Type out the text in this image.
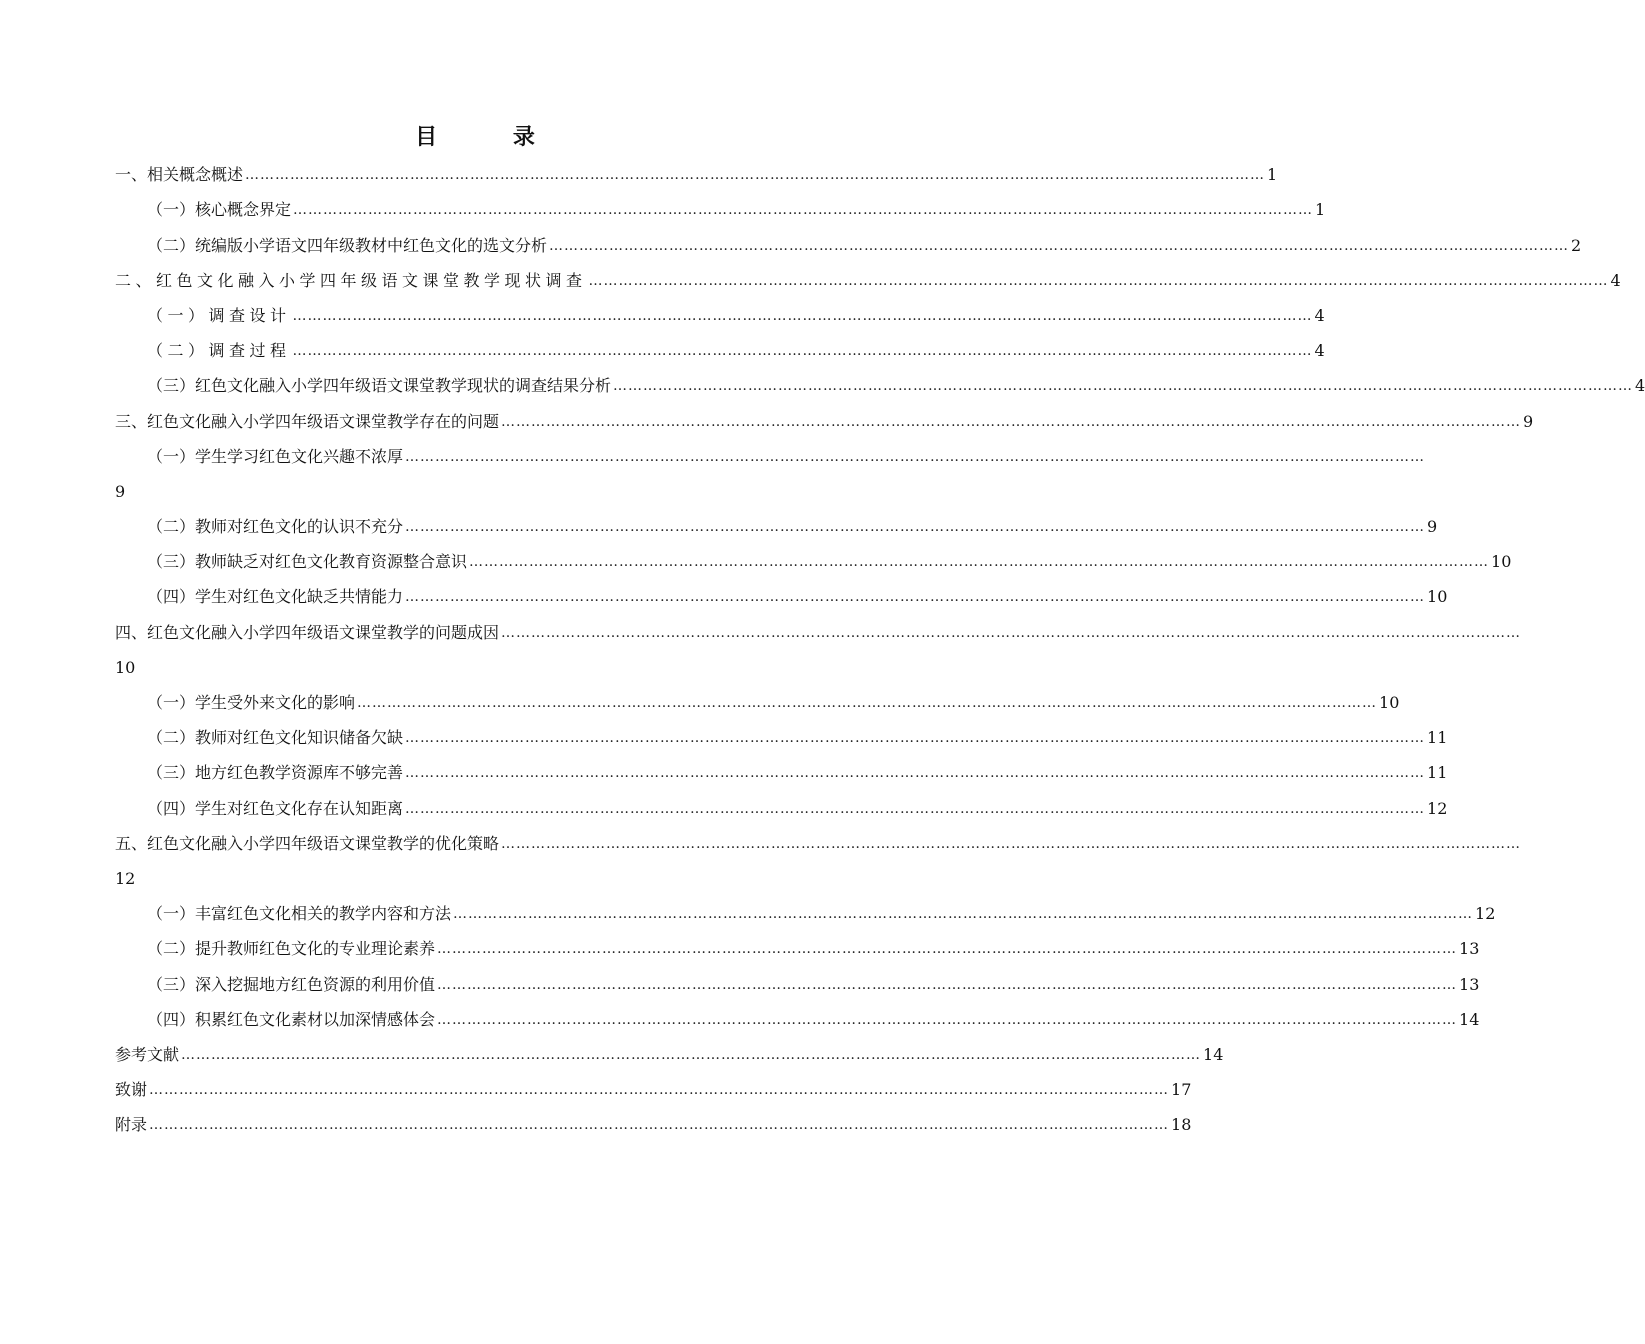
目 录
一、相关概念概述 …………………………………………………………………………………………………………………………………………………………………………………… 1
（一）核心概念界定 …………………………………………………………………………………………………………………………………………………………………………………… 1
（二）统编版小学语文四年级教材中红色文化的选文分析 …………………………………………………………………………………………………………………………………………………………………………………… 2
二、红色文化融入小学四年级语文课堂教学现状调查 …………………………………………………………………………………………………………………………………………………………………………………… 4
（一）调查设计 …………………………………………………………………………………………………………………………………………………………………………………… 4
（二）调查过程 …………………………………………………………………………………………………………………………………………………………………………………… 4
（三）红色文化融入小学四年级语文课堂教学现状的调查结果分析 …………………………………………………………………………………………………………………………………………………………………………………… 4
三、红色文化融入小学四年级语文课堂教学存在的问题 …………………………………………………………………………………………………………………………………………………………………………………… 9
（一）学生学习红色文化兴趣不浓厚 ……………………………………………………………………………………………………………………………………………………………………………………
9
（二）教师对红色文化的认识不充分 …………………………………………………………………………………………………………………………………………………………………………………… 9
（三）教师缺乏对红色文化教育资源整合意识 …………………………………………………………………………………………………………………………………………………………………………………… 10
（四）学生对红色文化缺乏共情能力 …………………………………………………………………………………………………………………………………………………………………………………… 10
四、红色文化融入小学四年级语文课堂教学的问题成因 ……………………………………………………………………………………………………………………………………………………………………………………
10
（一）学生受外来文化的影响 …………………………………………………………………………………………………………………………………………………………………………………… 10
（二）教师对红色文化知识储备欠缺 …………………………………………………………………………………………………………………………………………………………………………………… 11
（三）地方红色教学资源库不够完善 …………………………………………………………………………………………………………………………………………………………………………………… 11
（四）学生对红色文化存在认知距离 …………………………………………………………………………………………………………………………………………………………………………………… 12
五、红色文化融入小学四年级语文课堂教学的优化策略 ……………………………………………………………………………………………………………………………………………………………………………………
12
（一）丰富红色文化相关的教学内容和方法 …………………………………………………………………………………………………………………………………………………………………………………… 12
（二）提升教师红色文化的专业理论素养 …………………………………………………………………………………………………………………………………………………………………………………… 13
（三）深入挖掘地方红色资源的利用价值 …………………………………………………………………………………………………………………………………………………………………………………… 13
（四）积累红色文化素材以加深情感体会 …………………………………………………………………………………………………………………………………………………………………………………… 14
参考文献 …………………………………………………………………………………………………………………………………………………………………………………… 14
致谢 …………………………………………………………………………………………………………………………………………………………………………………… 17
附录 …………………………………………………………………………………………………………………………………………………………………………………… 18
